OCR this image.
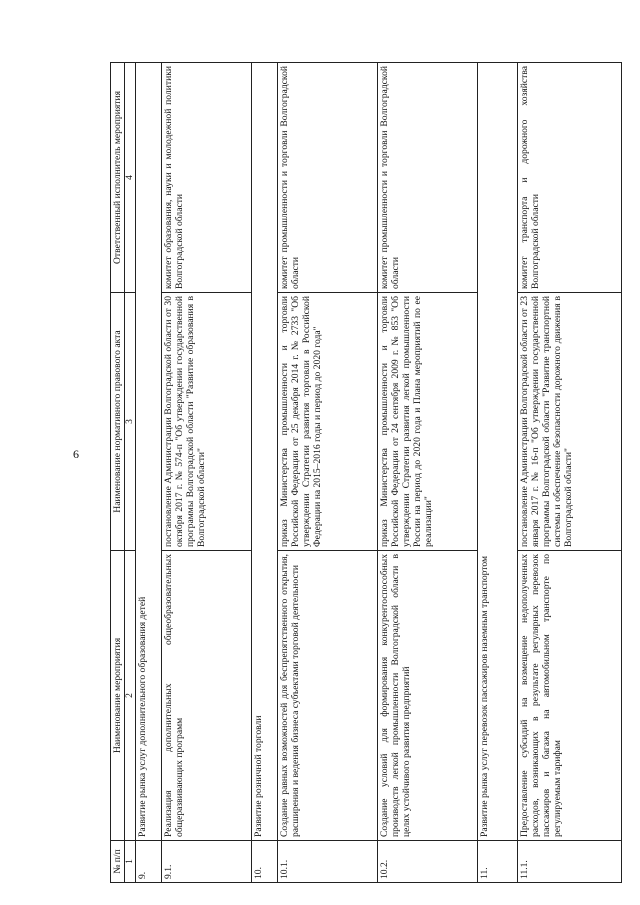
6
№ п/п	Наименование мероприятия	Наименование нормативного правового акта	Ответственный исполнитель мероприятия
1	2	3	4
9.	Развитие рынка услуг дополнительного образования детей		
9.1.	Реализация дополнительных общеобразовательных общеразвивающих программ	постановление Администрации Волгоградской области от 30 октября 2017 г. № 574-п "Об утверждении государственной программы Волгоградской области "Развитие образования в Волгоградской области"	комитет образования, науки и молодежной политики Волгоградской области
10.	Развитие розничной торговли		
10.1.	Создание равных возможностей для беспрепятственного открытия, расширения и ведения бизнеса субъектами торговой деятельности	приказ Министерства промышленности и торговли Российской Федерации от 25 декабря 2014 г. № 2733 "Об утверждении Стратегии развития торговли в Российской Федерации на 2015–2016 годы и период до 2020 года"	комитет промышленности и торговли Волгоградской области
10.2.	Создание условий для формирования конкурентоспособных производств легкой промышленности Волгоградской области в целях устойчивого развития предприятий	приказ Министерства промышленности и торговли Российской Федерации от 24 сентября 2009 г. № 853 "Об утверждении Стратегии развития легкой промышленности России на период до 2020 года и Плана мероприятий по ее реализации"	комитет промышленности и торговли Волгоградской области
11.	Развитие рынка услуг перевозок пассажиров наземным транспортом		
11.1.	Предоставление субсидий на возмещение недополученных расходов, возникающих в результате регулярных перевозок пассажиров и багажа на автомобильном транспорте по регулируемым тарифам	постановление Администрации Волгоградской области от 23 января 2017 г. № 16-п "Об утверждении государственной программы Волгоградской области "Развитие транспортной системы и обеспечение безопасности дорожного движения в Волгоградской области"	комитет транспорта и дорожного хозяйства Волгоградской области
